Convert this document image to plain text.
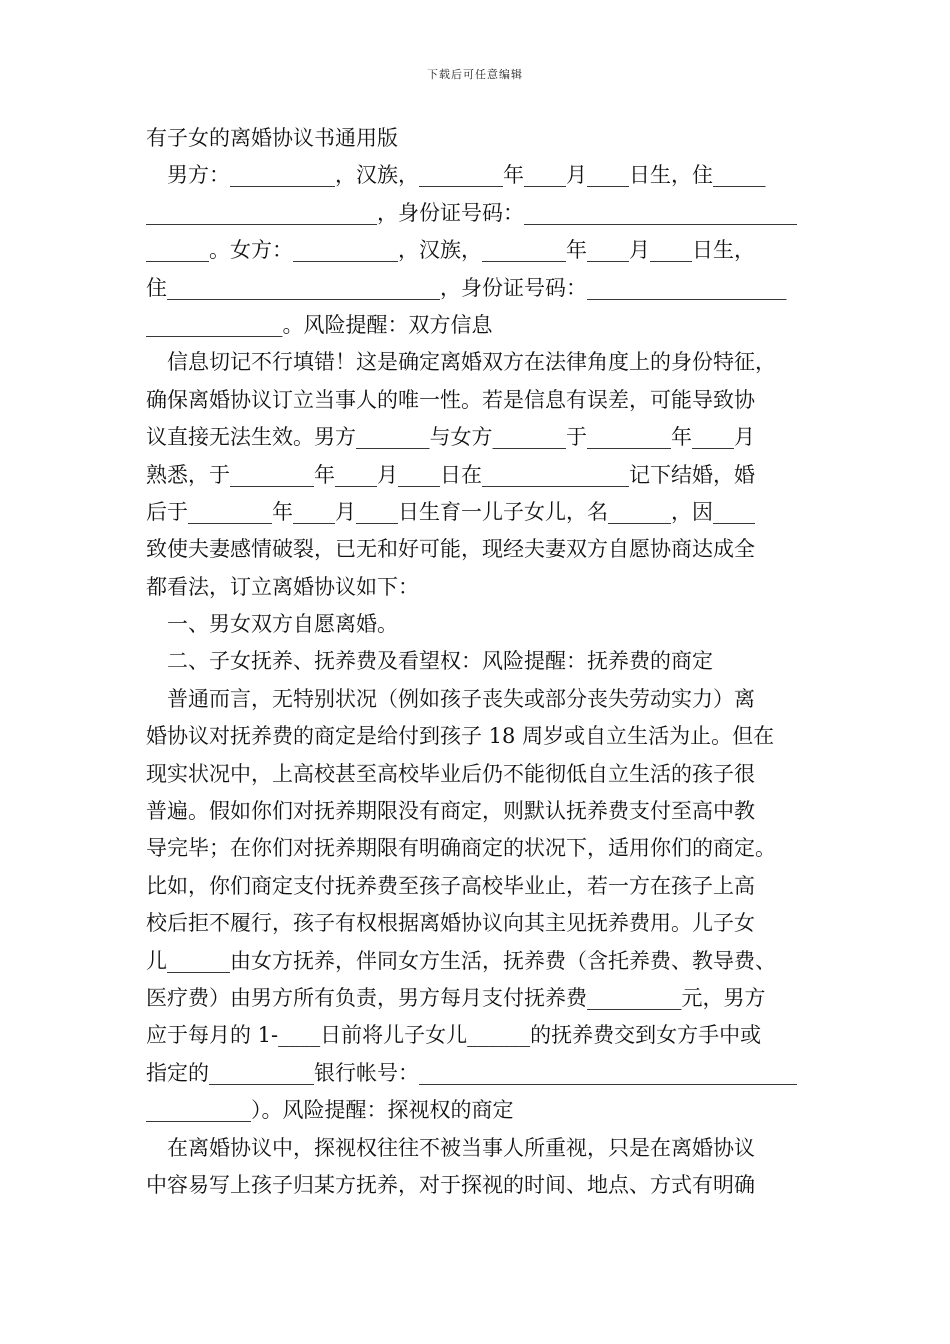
下载后可任意编辑
有子女的离婚协议书通用版
　男方：__________，汉族，________年____月____日生，住_____
______________________，身份证号码：__________________________
______。女方：__________，汉族，________年____月____日生，
住__________________________，身份证号码：___________________
_____________。风险提醒：双方信息
　信息切记不行填错！这是确定离婚双方在法律角度上的身份特征，
确保离婚协议订立当事人的唯一性。若是信息有误差，可能导致协
议直接无法生效。男方_______与女方_______于________年____月
熟悉，于________年____月____日在______________记下结婚，婚
后于________年____月____日生育一儿子女儿，名______，因____
致使夫妻感情破裂，已无和好可能，现经夫妻双方自愿协商达成全
都看法，订立离婚协议如下：
　一、男女双方自愿离婚。
　二、子女抚养、抚养费及看望权：风险提醒：抚养费的商定
　普通而言，无特别状况（例如孩子丧失或部分丧失劳动实力）离
婚协议对抚养费的商定是给付到孩子 18 周岁或自立生活为止。但在
现实状况中，上高校甚至高校毕业后仍不能彻低自立生活的孩子很
普遍。假如你们对抚养期限没有商定，则默认抚养费支付至高中教
导完毕；在你们对抚养期限有明确商定的状况下，适用你们的商定。
比如，你们商定支付抚养费至孩子高校毕业止，若一方在孩子上高
校后拒不履行，孩子有权根据离婚协议向其主见抚养费用。儿子女
儿______由女方抚养，伴同女方生活，抚养费（含托养费、教导费、
医疗费）由男方所有负责，男方每月支付抚养费_________元，男方
应于每月的 1-____日前将儿子女儿______的抚养费交到女方手中或
指定的__________银行帐号：____________________________________
__________）。风险提醒：探视权的商定
　在离婚协议中，探视权往往不被当事人所重视，只是在离婚协议
中容易写上孩子归某方抚养，对于探视的时间、地点、方式有明确
